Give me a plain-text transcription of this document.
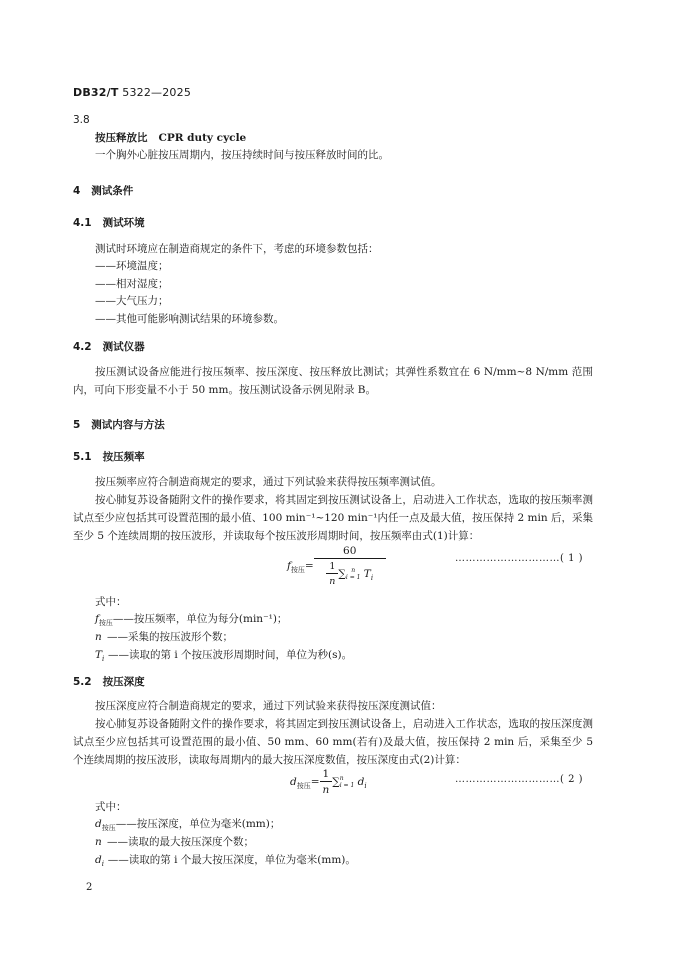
DB32/T 5322—2025
3.8
按压释放比 CPR duty cycle
一个胸外心脏按压周期内，按压持续时间与按压释放时间的比。
4 测试条件
4.1 测试环境
测试时环境应在制造商规定的条件下，考虑的环境参数包括：
——环境温度；
——相对湿度；
——大气压力；
——其他可能影响测试结果的环境参数。
4.2 测试仪器
按压测试设备应能进行按压频率、按压深度、按压释放比测试；其弹性系数宜在 6 N/mm~8 N/mm 范围内，可向下形变量不小于 50 mm。按压测试设备示例见附录 B。
5 测试内容与方法
5.1 按压频率
按压频率应符合制造商规定的要求，通过下列试验来获得按压频率测试值。
按心肺复苏设备随附文件的操作要求，将其固定到按压测试设备上，启动进入工作状态，选取的按压频率测试点至少应包括其可设置范围的最小值、100 min⁻¹~120 min⁻¹内任一点及最大值，按压保持 2 min 后，采集至少 5 个连续周期的按压波形，并读取每个按压波形周期时间，按压频率由式(1)计算：
$f_{按压}= 60$
$\frac{1}{n}$ ∑ n
i = 1 $T_i$	…………………………( 1 )
式中：
$f_{按压}——$按压频率，单位为每分(min⁻¹)；
n ——采集的按压波形个数；
$T_i$ ——读取的第 i 个按压波形周期时间，单位为秒(s)。
5.2 按压深度
按压深度应符合制造商规定的要求，通过下列试验来获得按压深度测试值：
按心肺复苏设备随附文件的操作要求，将其固定到按压测试设备上，启动进入工作状态，选取的按压深度测试点至少应包括其可设置范围的最小值、50 mm、60 mm(若有)及最大值，按压保持 2 min 后，采集至少 5 个连续周期的按压波形，读取每周期内的最大按压深度数值，按压深度由式(2)计算：
$d_{按压}= \frac{1}{n}$ ∑ n
i = 1 $d_i$
…………………………( 2 )
式中：
$d_{按压}——$按压深度，单位为毫米(mm)；
n ——读取的最大按压深度个数；
$d_i$ ——读取的第 i 个最大按压深度，单位为毫米(mm)。
2
